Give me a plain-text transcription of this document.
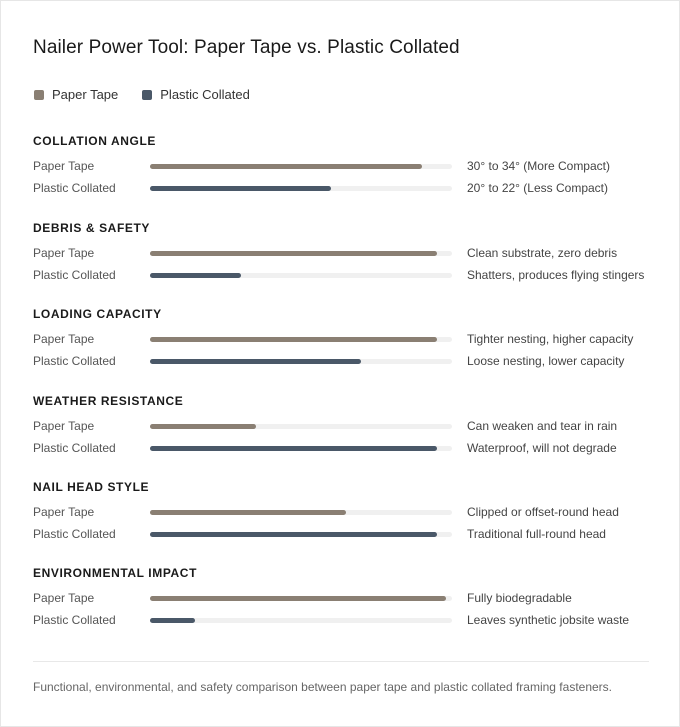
Nailer Power Tool: Paper Tape vs. Plastic Collated
Paper Tape	Plastic Collated
COLLATION ANGLE
Paper Tape	30° to 34° (More Compact)
Plastic Collated	20° to 22° (Less Compact)
DEBRIS & SAFETY
Paper Tape	Clean substrate, zero debris
Plastic Collated	Shatters, produces flying stingers
LOADING CAPACITY
Paper Tape	Tighter nesting, higher capacity
Plastic Collated	Loose nesting, lower capacity
WEATHER RESISTANCE
Paper Tape	Can weaken and tear in rain
Plastic Collated	Waterproof, will not degrade
NAIL HEAD STYLE
Paper Tape	Clipped or offset-round head
Plastic Collated	Traditional full-round head
ENVIRONMENTAL IMPACT
Paper Tape	Fully biodegradable
Plastic Collated	Leaves synthetic jobsite waste
Functional, environmental, and safety comparison between paper tape and plastic collated framing fasteners.
